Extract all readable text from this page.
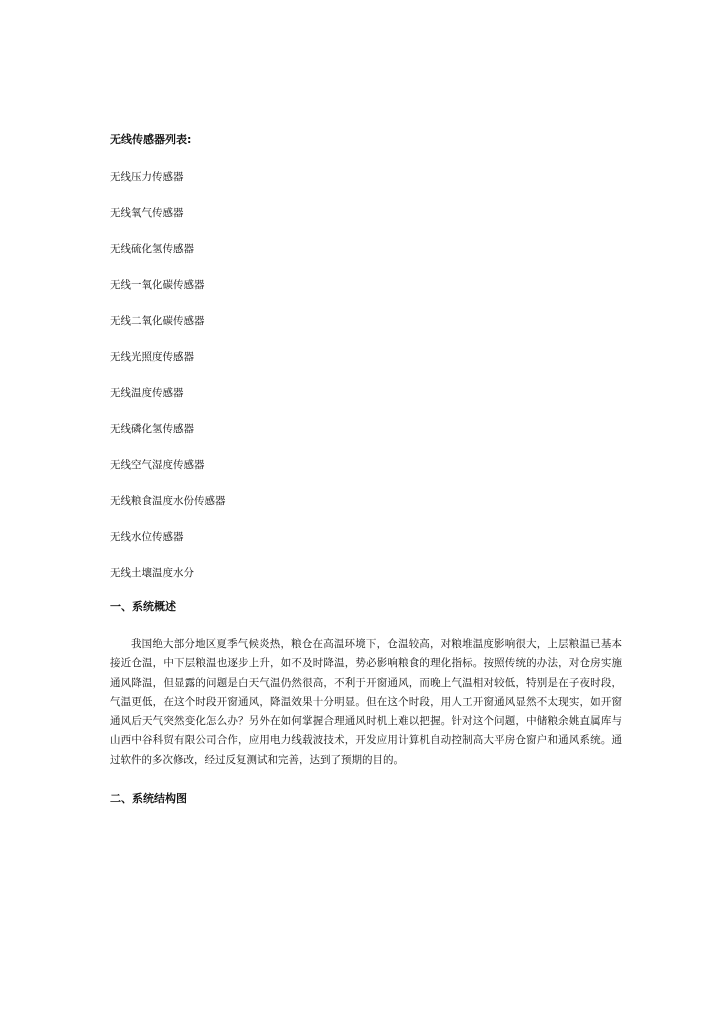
无线传感器列表:
无线压力传感器
无线氧气传感器
无线硫化氢传感器
无线一氧化碳传感器
无线二氧化碳传感器
无线光照度传感器
无线温度传感器
无线磷化氢传感器
无线空气湿度传感器
无线粮食温度水份传感器
无线水位传感器
无线土壤温度水分
一、系统概述

我国绝大部分地区夏季气候炎热，粮仓在高温环境下，仓温较高，对粮堆温度影响很大，上层粮温已基本接近仓温，中下层粮温也逐步上升，如不及时降温，势必影响粮食的理化指标。按照传统的办法，对仓房实施通风降温，但显露的问题是白天气温仍然很高，不利于开窗通风，而晚上气温相对较低，特别是在子夜时段，气温更低，在这个时段开窗通风，降温效果十分明显。但在这个时段，用人工开窗通风显然不太现实，如开窗通风后天气突然变化怎么办？另外在如何掌握合理通风时机上难以把握。针对这个问题，中储粮余姚直属库与山西中谷科贸有限公司合作，应用电力线载波技术，开发应用计算机自动控制高大平房仓窗户和通风系统。通过软件的多次修改，经过反复测试和完善，达到了预期的目的。

二、系统结构图
